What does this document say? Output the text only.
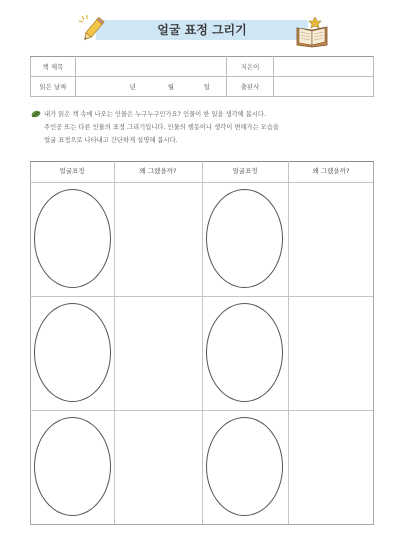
얼굴 표정 그리기
책 제목		지은이	
읽은 날짜	년 월 일	출판사	
내가 읽은 책 속에 나오는 인물은 누구누구인가요? 인물이 한 일을 생각해 봅시다.
주인공 또는 다른 인물의 표정 그리기입니다. 인물의 행동이나 생각이 변해가는 모습을
얼굴 표정으로 나타내고 간단하게 설명해 봅시다.
얼굴표정	왜 그랬을까?	얼굴표정	왜 그랬을까?
